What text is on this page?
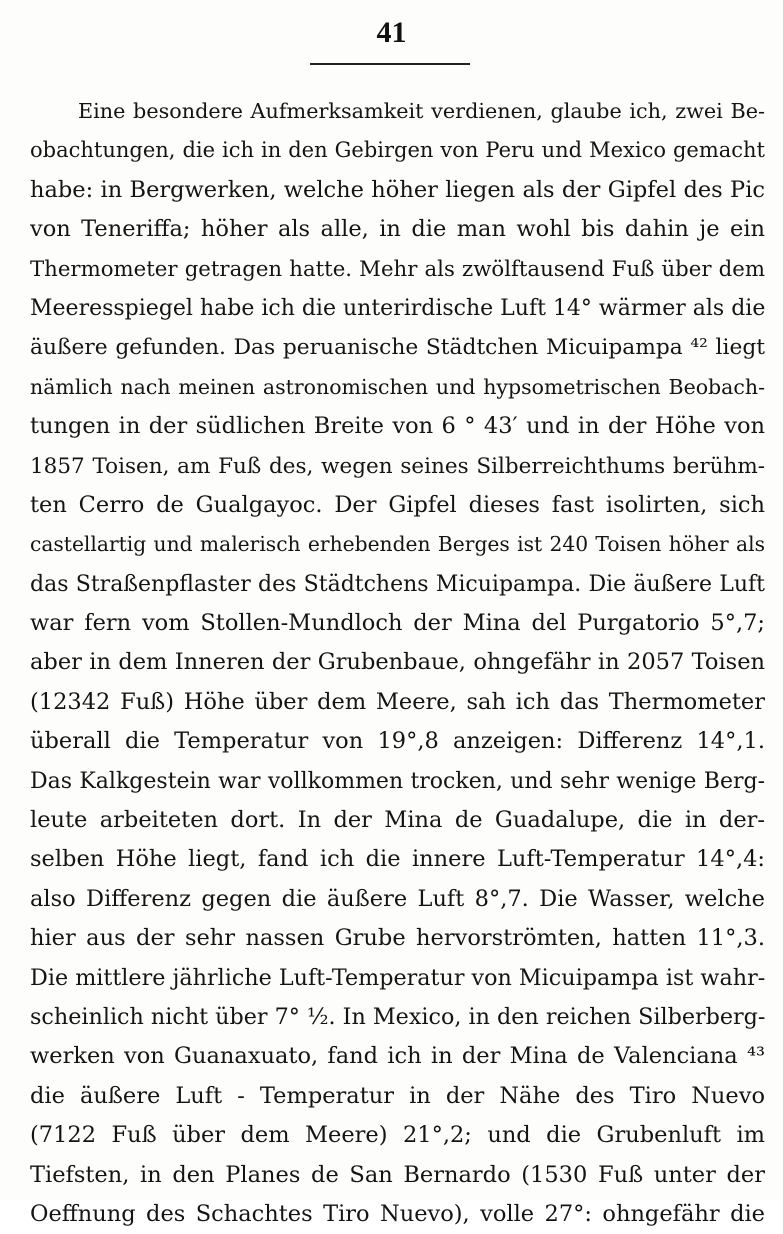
41
Eine besondere Aufmerksamkeit verdienen, glaube ich, zwei Be-
obachtungen, die ich in den Gebirgen von Peru und Mexico gemacht
habe: in Bergwerken, welche höher liegen als der Gipfel des Pic
von Teneriffa; höher als alle, in die man wohl bis dahin je ein
Thermometer getragen hatte. Mehr als zwölftausend Fuß über dem
Meeresspiegel habe ich die unterirdische Luft 14° wärmer als die
äußere gefunden. Das peruanische Städtchen Micuipampa ⁴² liegt
nämlich nach meinen astronomischen und hypsometrischen Beobach-
tungen in der südlichen Breite von 6 ° 43′ und in der Höhe von
1857 Toisen, am Fuß des, wegen seines Silberreichthums berühm-
ten Cerro de Gualgayoc. Der Gipfel dieses fast isolirten, sich
castellartig und malerisch erhebenden Berges ist 240 Toisen höher als
das Straßenpflaster des Städtchens Micuipampa. Die äußere Luft
war fern vom Stollen-Mundloch der Mina del Purgatorio 5°,7;
aber in dem Inneren der Grubenbaue, ohngefähr in 2057 Toisen
(12342 Fuß) Höhe über dem Meere, sah ich das Thermometer
überall die Temperatur von 19°,8 anzeigen: Differenz 14°,1.
Das Kalkgestein war vollkommen trocken, und sehr wenige Berg-
leute arbeiteten dort. In der Mina de Guadalupe, die in der-
selben Höhe liegt, fand ich die innere Luft-Temperatur 14°,4:
also Differenz gegen die äußere Luft 8°,7. Die Wasser, welche
hier aus der sehr nassen Grube hervorströmten, hatten 11°,3.
Die mittlere jährliche Luft-Temperatur von Micuipampa ist wahr-
scheinlich nicht über 7° ½. In Mexico, in den reichen Silberberg-
werken von Guanaxuato, fand ich in der Mina de Valenciana ⁴³
die äußere Luft - Temperatur in der Nähe des Tiro Nuevo
(7122 Fuß über dem Meere) 21°,2; und die Grubenluft im
Tiefsten, in den Planes de San Bernardo (1530 Fuß unter der
Oeffnung des Schachtes Tiro Nuevo), volle 27°: ohngefähr die
